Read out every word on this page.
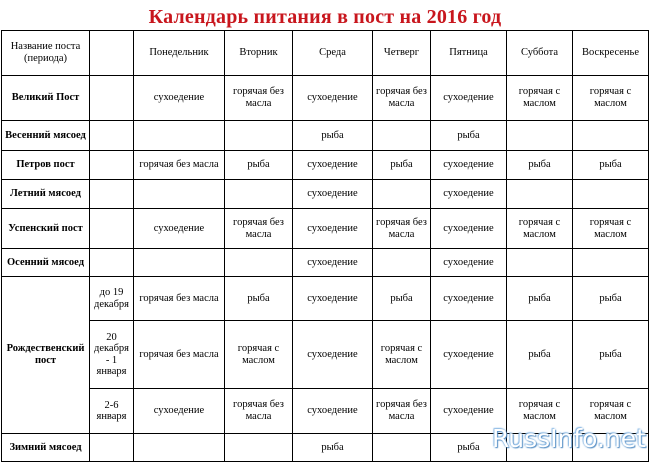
Календарь питания в пост на 2016 год
Название поста (периода)		Понедельник	Вторник	Среда	Четверг	Пятница	Суббота	Воскресенье
Великий Пост		сухоедение	горячая без масла	сухоедение	горячая без масла	сухоедение	горячая с маслом	горячая с маслом
Весенний мясоед				рыба		рыба		
Петров пост		горячая без масла	рыба	сухоедение	рыба	сухоедение	рыба	рыба
Летний мясоед				сухоедение		сухоедение		
Успенский пост		сухоедение	горячая без масла	сухоедение	горячая без масла	сухоедение	горячая с маслом	горячая с маслом
Осенний мясоед				сухоедение		сухоедение		
Рождественский пост	до 19 декабря	горячая без масла	рыба	сухоедение	рыба	сухоедение	рыба	рыба
	20 декабря - 1 января	горячая без масла	горячая с маслом	сухоедение	горячая с маслом	сухоедение	рыба	рыба
	2-6 января	сухоедение	горячая без масла	сухоедение	горячая без масла	сухоедение	горячая с маслом	горячая с маслом
Зимний мясоед				рыба		рыба		RussInfo.net
